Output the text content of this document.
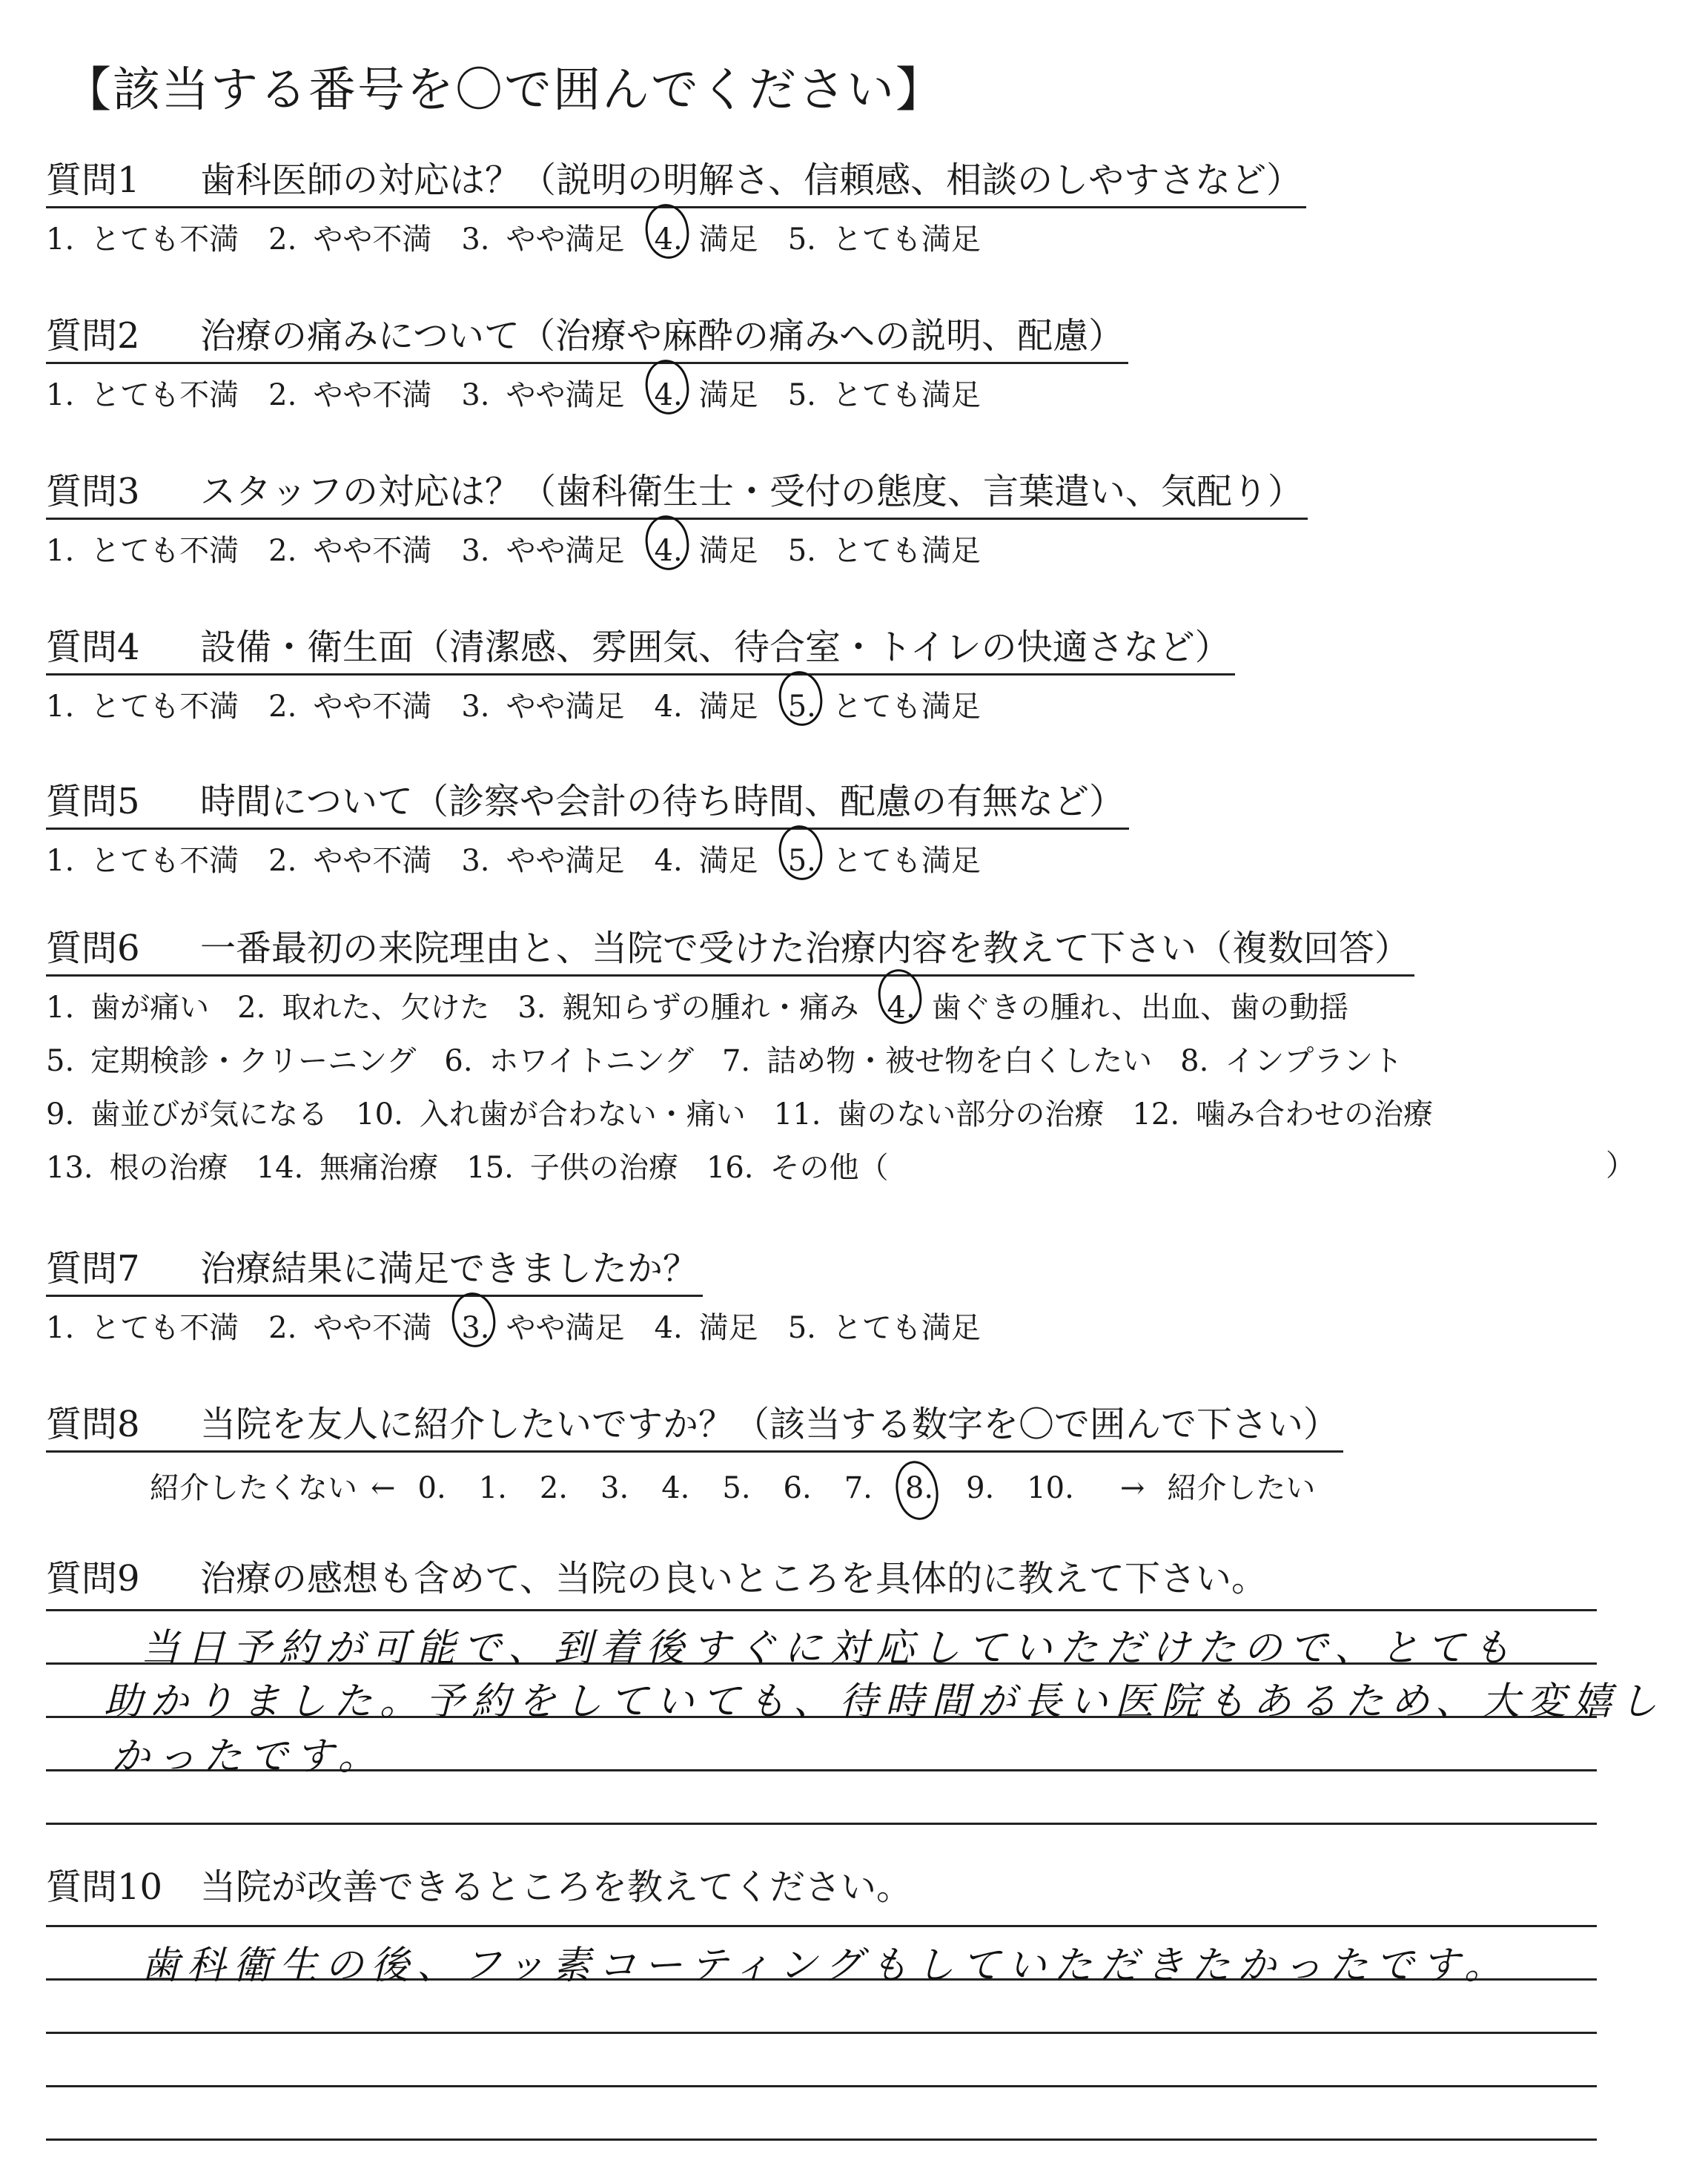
【該当する番号を〇で囲んでください】
質問1 歯科医師の対応は？（説明の明解さ、信頼感、相談のしやすさなど）
1. とても不満 2. やや不満 3. やや満足 4. 満足 5. とても満足
質問2 治療の痛みについて（治療や麻酔の痛みへの説明、配慮）
1. とても不満 2. やや不満 3. やや満足 4. 満足 5. とても満足
質問3 スタッフの対応は？（歯科衛生士・受付の態度、言葉遣い、気配り）
1. とても不満 2. やや不満 3. やや満足 4. 満足 5. とても満足
質問4 設備・衛生面（清潔感、雰囲気、待合室・トイレの快適さなど）
1. とても不満 2. やや不満 3. やや満足 4. 満足 5. とても満足
質問5 時間について（診察や会計の待ち時間、配慮の有無など）
1. とても不満 2. やや不満 3. やや満足 4. 満足 5. とても満足
質問6 一番最初の来院理由と、当院で受けた治療内容を教えて下さい（複数回答）
1. 歯が痛い 2. 取れた、欠けた 3. 親知らずの腫れ・痛み 4. 歯ぐきの腫れ、出血、歯の動揺
5. 定期検診・クリーニング 6. ホワイトニング 7. 詰め物・被せ物を白くしたい 8. インプラント
9. 歯並びが気になる 10. 入れ歯が合わない・痛い 11. 歯のない部分の治療 12. 噛み合わせの治療
13. 根の治療 14. 無痛治療 15. 子供の治療 16. その他（	）
質問7 治療結果に満足できましたか？
1. とても不満 2. やや不満 3. やや満足 4. 満足 5. とても満足
質問8 当院を友人に紹介したいですか？（該当する数字を〇で囲んで下さい）
紹介したくない ← 0. 1. 2. 3. 4. 5. 6. 7. 8. 9. 10. → 紹介したい
質問9 治療の感想も含めて、当院の良いところを具体的に教えて下さい。
当日予約が可能で、到着後すぐに対応していただけたので、とても
助かりました。予約をしていても、待時間が長い医院もあるため、大変嬉し
かったです。
質問10 当院が改善できるところを教えてください。
歯科衛生の後、フッ素コーティングもしていただきたかったです。
